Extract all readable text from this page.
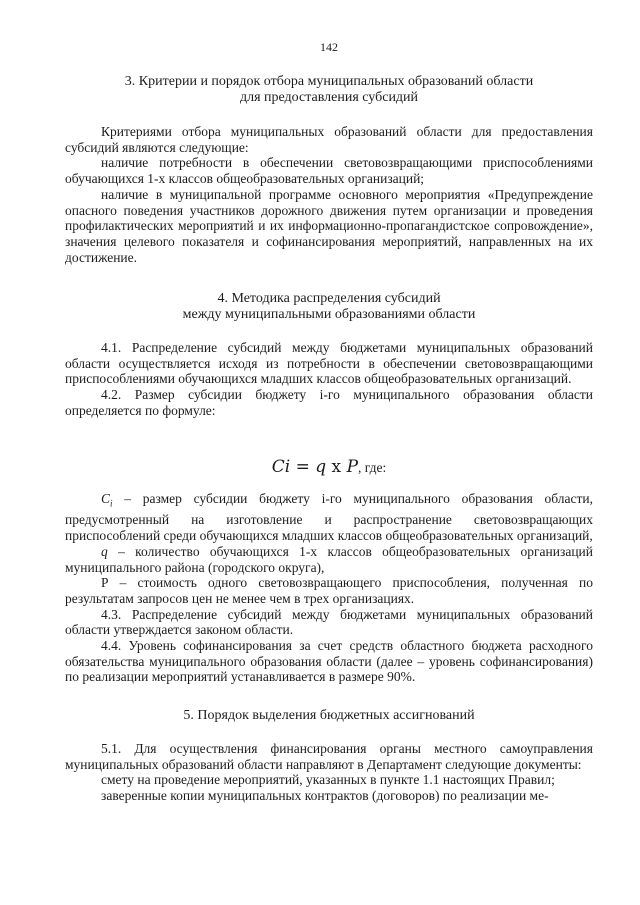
142

3. Критерии и порядок отбора муниципальных образований области

для предоставления субсидий

Критериями отбора муниципальных образований области для предоставления субсидий являются следующие:

наличие потребности в обеспечении световозвращающими приспособлениями обучающихся 1-х классов общеобразовательных организаций;

наличие в муниципальной программе основного мероприятия «Предупреждение опасного поведения участников дорожного движения путем организации и проведения профилактических мероприятий и их информационно-пропагандистское сопровождение», значения целевого показателя и софинансирования мероприятий, направленных на их достижение.

4. Методика распределения субсидий

между муниципальными образованиями области

4.1. Распределение субсидий между бюджетами муниципальных образований области осуществляется исходя из потребности в обеспечении световозвращающими приспособлениями обучающихся младших классов общеобразовательных организаций.

4.2. Размер субсидии бюджету i-го муниципального образования области определяется по формуле:

Ci = q x P, где:

$C_i$ – размер субсидии бюджету i-го муниципального образования области, предусмотренный на изготовление и распространение световозвращающих приспособлений среди обучающихся младших классов общеобразовательных организаций,

q – количество обучающихся 1-х классов общеобразовательных организаций муниципального района (городского округа),

Р – стоимость одного световозвращающего приспособления, полученная по результатам запросов цен не менее чем в трех организациях.

4.3. Распределение субсидий между бюджетами муниципальных образований области утверждается законом области.

4.4. Уровень софинансирования за счет средств областного бюджета расходного обязательства муниципального образования области (далее – уровень софинансирования) по реализации мероприятий устанавливается в размере 90%.

5. Порядок выделения бюджетных ассигнований

5.1. Для осуществления финансирования органы местного самоуправления муниципальных образований области направляют в Департамент следующие документы:

смету на проведение мероприятий, указанных в пункте 1.1 настоящих Правил;

заверенные копии муниципальных контрактов (договоров) по реализации ме-
